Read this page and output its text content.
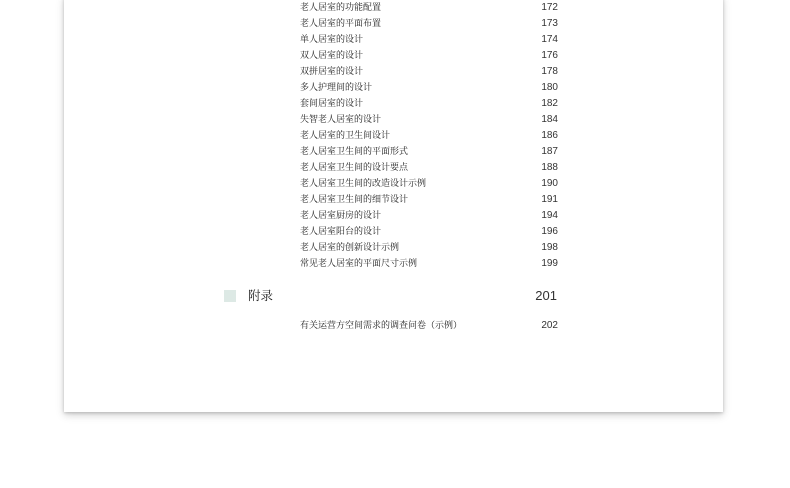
老人居室的功能配置	172
老人居室的平面布置	173
单人居室的设计	174
双人居室的设计	176
双拼居室的设计	178
多人护理间的设计	180
套间居室的设计	182
失智老人居室的设计	184
老人居室的卫生间设计	186
老人居室卫生间的平面形式	187
老人居室卫生间的设计要点	188
老人居室卫生间的改造设计示例	190
老人居室卫生间的细节设计	191
老人居室厨房的设计	194
老人居室阳台的设计	196
老人居室的创新设计示例	198
常见老人居室的平面尺寸示例	199
附录	201
有关运营方空间需求的调查问卷（示例）	202
